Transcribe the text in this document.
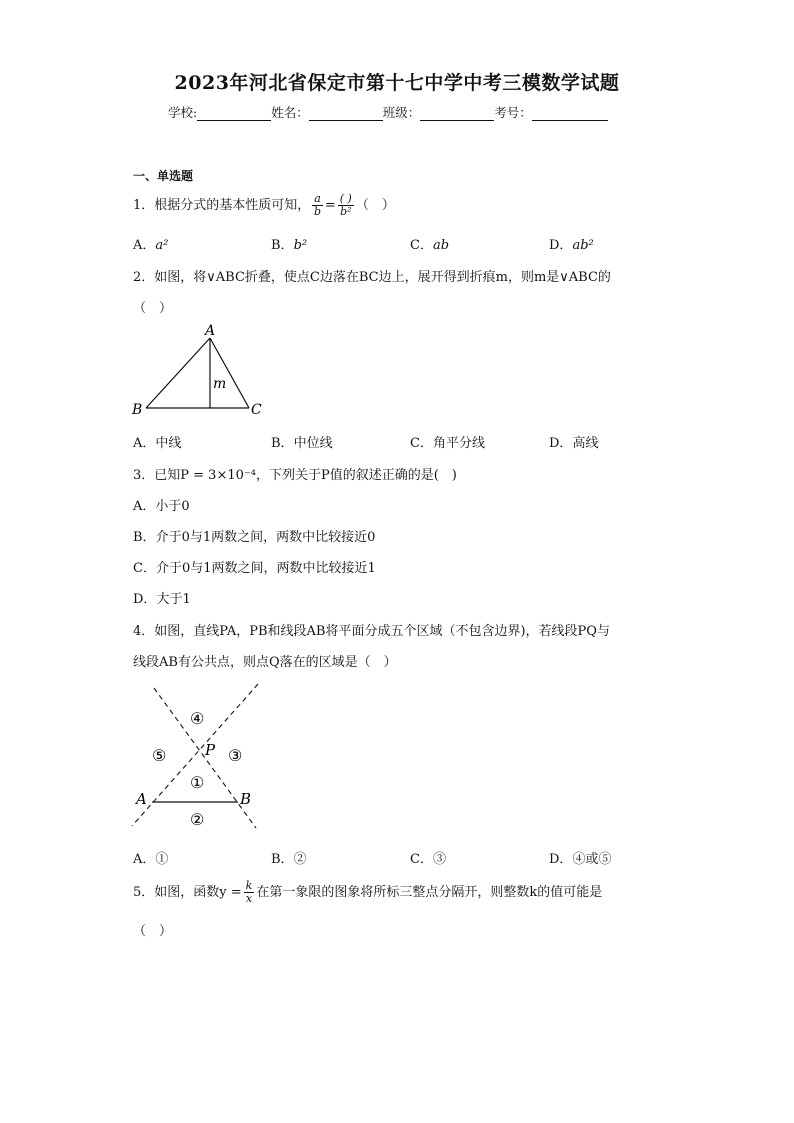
2023年河北省保定市第十七中学中考三模数学试题
学校:	姓名：	班级：	考号：
一、单选题
1．根据分式的基本性质可知， $\frac{a}{b} = \frac{( )}{\text{b²}}$ （　）
A．a²	B．b²	C．ab	D．ab²
2．如图，将∨ABC折叠，使点C边落在BC边上，展开得到折痕m，则m是∨ABC的
（　）
A
B	C
m
A．中线	B．中位线	C．角平分线	D．高线
3．已知P = 3×10⁻⁴，下列关于P值的叙述正确的是(　)
A．小于0
B．介于0与1两数之间，两数中比较接近0
C．介于0与1两数之间，两数中比较接近1
D．大于1
4．如图，直线PA，PB和线段AB将平面分成五个区域（不包含边界)，若线段PQ与
线段AB有公共点，则点Q落在的区域是（　）
P
A	B
④
⑤	③
①
②
A．①	B．②	C．③	D．④或⑤
5．如图，函数$y = \frac{k}{x}$ 在第一象限的图象将所标三整点分隔开，则整数k的值可能是
（　）
